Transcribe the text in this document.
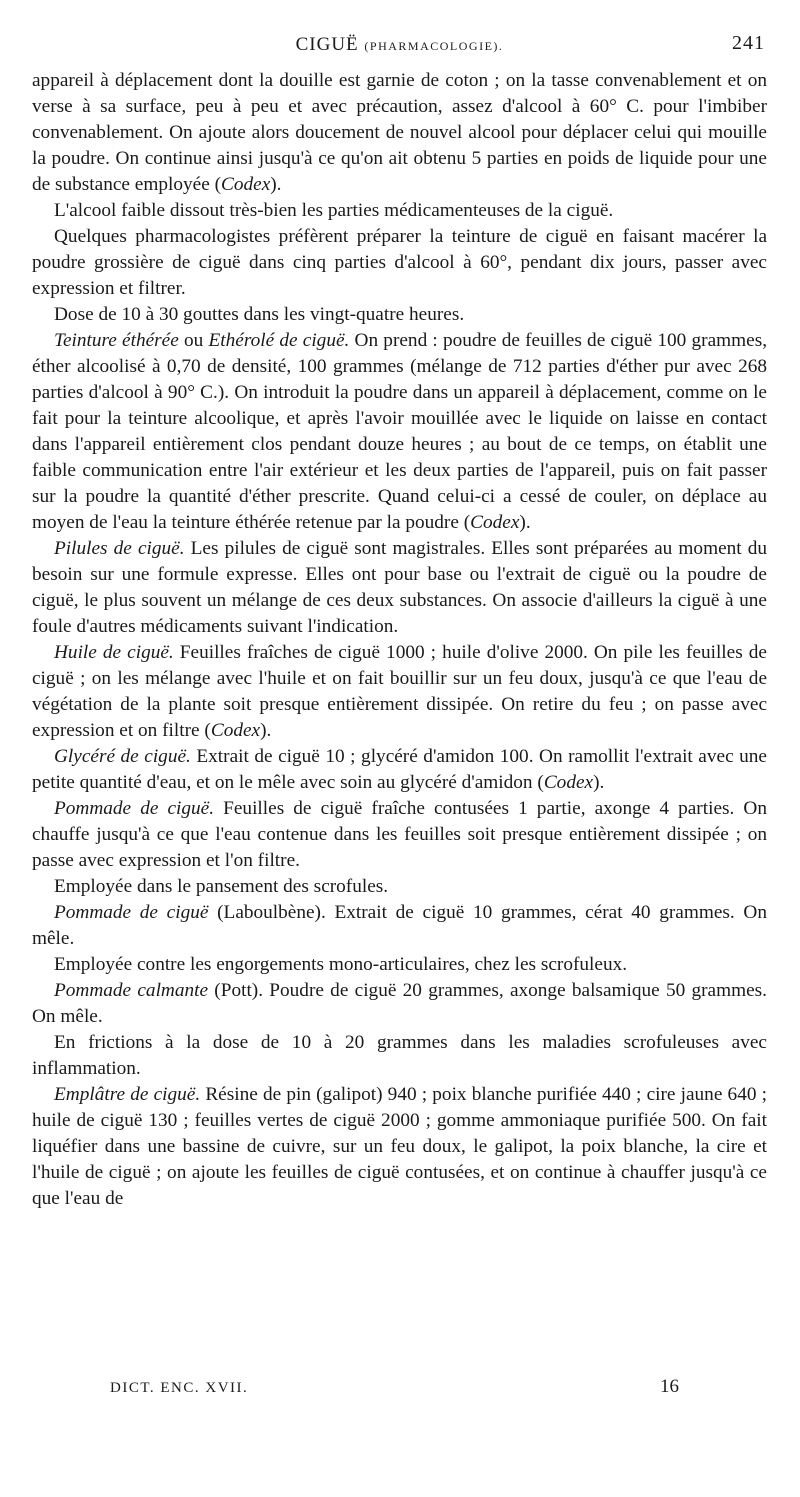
CIGUË (PHARMACOLOGIE).	241

appareil à déplacement dont la douille est garnie de coton ; on la tasse convenablement et on verse à sa surface, peu à peu et avec précaution, assez d'alcool à 60° C. pour l'imbiber convenablement. On ajoute alors doucement de nouvel alcool pour déplacer celui qui mouille la poudre. On continue ainsi jusqu'à ce qu'on ait obtenu 5 parties en poids de liquide pour une de substance employée (Codex).

L'alcool faible dissout très-bien les parties médicamenteuses de la ciguë.

Quelques pharmacologistes préfèrent préparer la teinture de ciguë en faisant macérer la poudre grossière de ciguë dans cinq parties d'alcool à 60°, pendant dix jours, passer avec expression et filtrer.

Dose de 10 à 30 gouttes dans les vingt-quatre heures.

Teinture éthérée ou Ethérolé de ciguë. On prend : poudre de feuilles de ciguë 100 grammes, éther alcoolisé à 0,70 de densité, 100 grammes (mélange de 712 parties d'éther pur avec 268 parties d'alcool à 90° C.). On introduit la poudre dans un appareil à déplacement, comme on le fait pour la teinture alcoolique, et après l'avoir mouillée avec le liquide on laisse en contact dans l'appareil entièrement clos pendant douze heures ; au bout de ce temps, on établit une faible communication entre l'air extérieur et les deux parties de l'appareil, puis on fait passer sur la poudre la quantité d'éther prescrite. Quand celui-ci a cessé de couler, on déplace au moyen de l'eau la teinture éthérée retenue par la poudre (Codex).

Pilules de ciguë. Les pilules de ciguë sont magistrales. Elles sont préparées au moment du besoin sur une formule expresse. Elles ont pour base ou l'extrait de ciguë ou la poudre de ciguë, le plus souvent un mélange de ces deux substances. On associe d'ailleurs la ciguë à une foule d'autres médicaments suivant l'indication.

Huile de ciguë. Feuilles fraîches de ciguë 1000 ; huile d'olive 2000. On pile les feuilles de ciguë ; on les mélange avec l'huile et on fait bouillir sur un feu doux, jusqu'à ce que l'eau de végétation de la plante soit presque entièrement dissipée. On retire du feu ; on passe avec expression et on filtre (Codex).

Glycéré de ciguë. Extrait de ciguë 10 ; glycéré d'amidon 100. On ramollit l'extrait avec une petite quantité d'eau, et on le mêle avec soin au glycéré d'amidon (Codex).

Pommade de ciguë. Feuilles de ciguë fraîche contusées 1 partie, axonge 4 parties. On chauffe jusqu'à ce que l'eau contenue dans les feuilles soit presque entièrement dissipée ; on passe avec expression et l'on filtre.

Employée dans le pansement des scrofules.

Pommade de ciguë (Laboulbène). Extrait de ciguë 10 grammes, cérat 40 grammes. On mêle.

Employée contre les engorgements mono-articulaires, chez les scrofuleux.

Pommade calmante (Pott). Poudre de ciguë 20 grammes, axonge balsamique 50 grammes. On mêle.

En frictions à la dose de 10 à 20 grammes dans les maladies scrofuleuses avec inflammation.

Emplâtre de ciguë. Résine de pin (galipot) 940 ; poix blanche purifiée 440 ; cire jaune 640 ; huile de ciguë 130 ; feuilles vertes de ciguë 2000 ; gomme ammoniaque purifiée 500. On fait liquéfier dans une bassine de cuivre, sur un feu doux, le galipot, la poix blanche, la cire et l'huile de ciguë ; on ajoute les feuilles de ciguë contusées, et on continue à chauffer jusqu'à ce que l'eau de

DICT. ENC. XVII.	16
